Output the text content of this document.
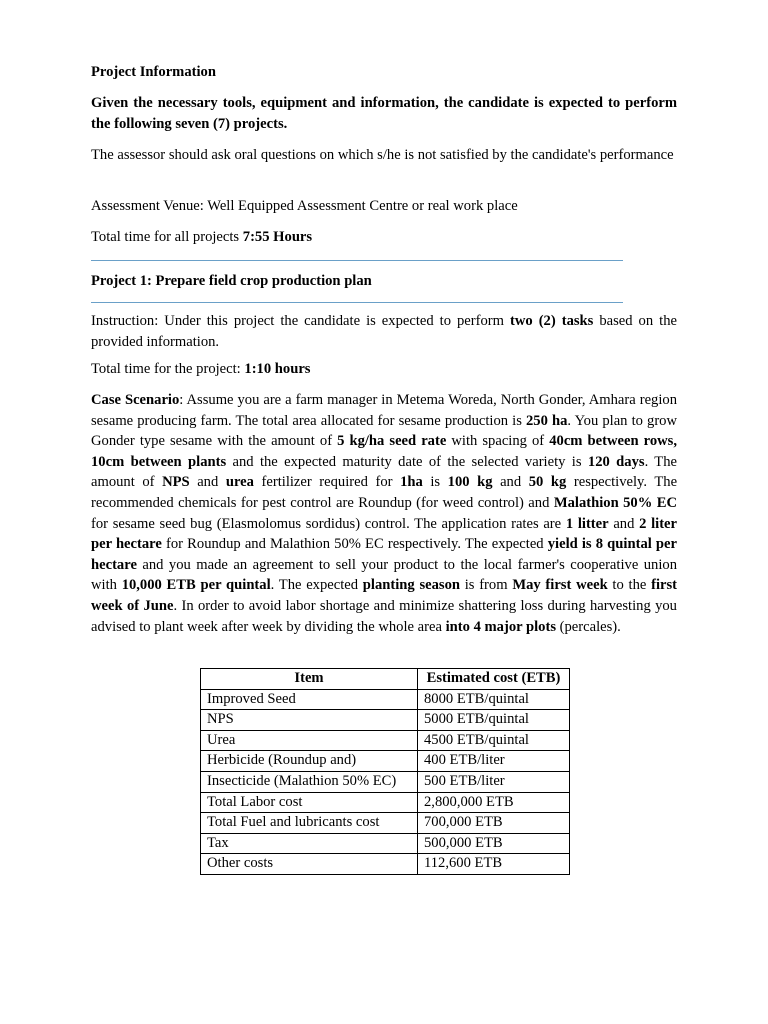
Project Information

Given the necessary tools, equipment and information, the candidate is expected to perform the following seven (7) projects.

The assessor should ask oral questions on which s/he is not satisfied by the candidate's performance

Assessment Venue: Well Equipped Assessment Centre or real work place

Total time for all projects 7:55 Hours

Project 1: Prepare field crop production plan

Instruction: Under this project the candidate is expected to perform two (2) tasks based on the provided information.

Total time for the project: 1:10 hours

Case Scenario: Assume you are a farm manager in Metema Woreda, North Gonder, Amhara region sesame producing farm. The total area allocated for sesame production is 250 ha. You plan to grow Gonder type sesame with the amount of 5 kg/ha seed rate with spacing of 40cm between rows, 10cm between plants and the expected maturity date of the selected variety is 120 days. The amount of NPS and urea fertilizer required for 1ha is 100 kg and 50 kg respectively. The recommended chemicals for pest control are Roundup (for weed control) and Malathion 50% EC for sesame seed bug (Elasmolomus sordidus) control. The application rates are 1 litter and 2 liter per hectare for Roundup and Malathion 50% EC respectively. The expected yield is 8 quintal per hectare and you made an agreement to sell your product to the local farmer's cooperative union with 10,000 ETB per quintal. The expected planting season is from May first week to the first week of June. In order to avoid labor shortage and minimize shattering loss during harvesting you advised to plant week after week by dividing the whole area into 4 major plots (percales).

Item	Estimated cost (ETB)
Improved Seed	8000 ETB/quintal
NPS	5000 ETB/quintal
Urea	4500 ETB/quintal
Herbicide (Roundup and)	400 ETB/liter
Insecticide (Malathion 50% EC)	500 ETB/liter
Total Labor cost	2,800,000 ETB
Total Fuel and lubricants cost	700,000 ETB
Tax	500,000 ETB
Other costs	112,600 ETB
